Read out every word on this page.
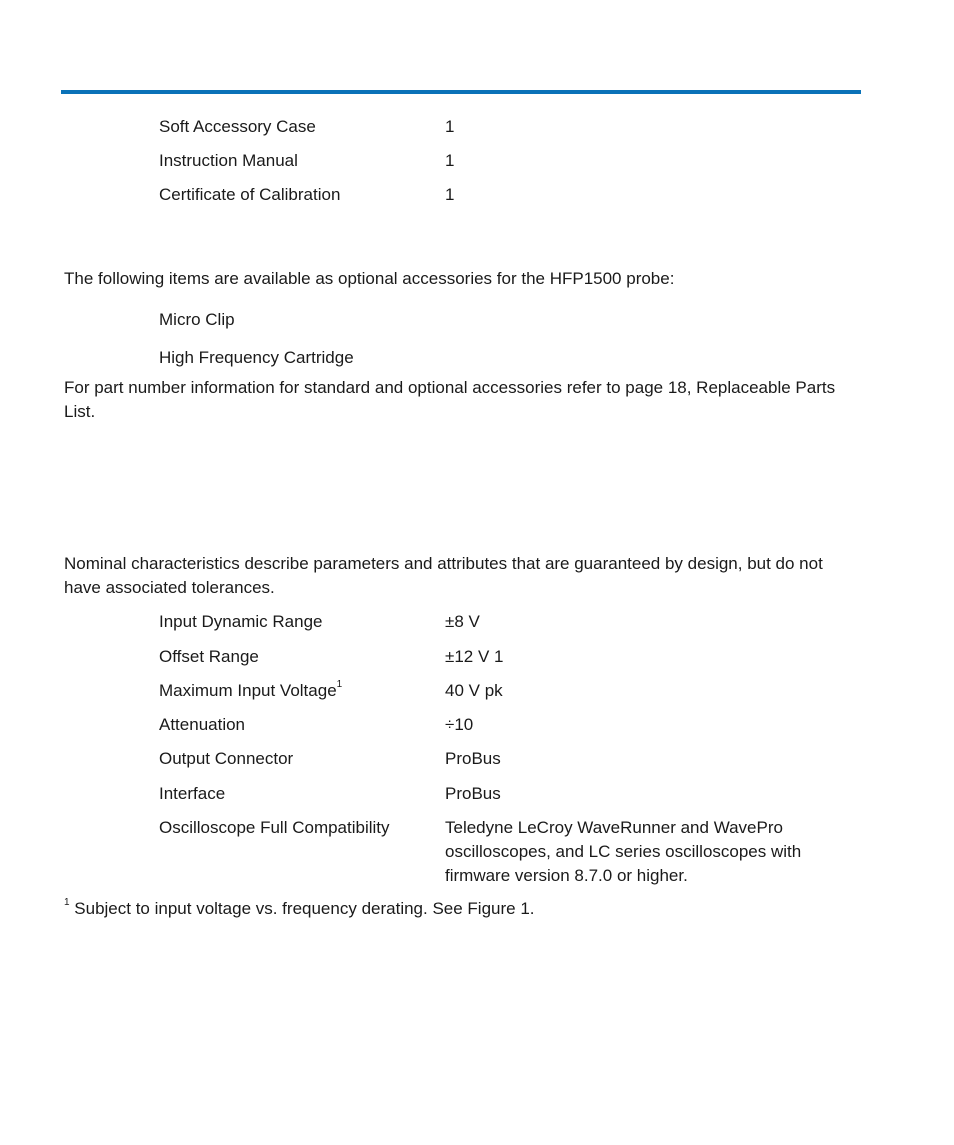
Soft Accessory Case	1
Instruction Manual	1
Certificate of Calibration	1
The following items are available as optional accessories for the HFP1500 probe:
Micro Clip
High Frequency Cartridge
For part number information for standard and optional accessories refer to page 18, Replaceable Parts List.
Nominal characteristics describe parameters and attributes that are guaranteed by design, but do not have associated tolerances.
Input Dynamic Range	±8 V
Offset Range	±12 V 1
Maximum Input Voltage$^1$	40 V pk
Attenuation	÷10
Output Connector	ProBus
Interface	ProBus
Oscilloscope Full Compatibility	Teledyne LeCroy WaveRunner and WavePro oscilloscopes, and LC series oscilloscopes with firmware version 8.7.0 or higher.
$^1$ Subject to input voltage vs. frequency derating. See Figure 1.
